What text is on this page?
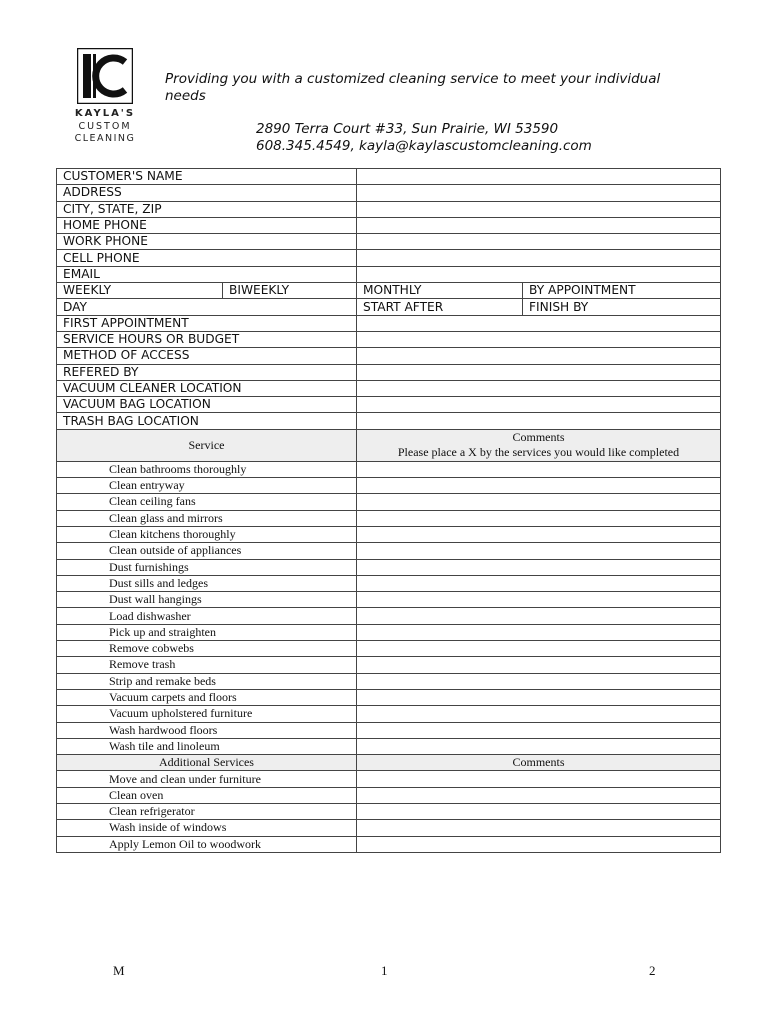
KAYLA'S
CUSTOM
CLEANING
Providing you with a customized cleaning service to meet your individual needs
2890 Terra Court #33, Sun Prairie, WI 53590
608.345.4549, kayla@kaylascustomcleaning.com
CUSTOMER'S NAME			
ADDRESS			
CITY, STATE, ZIP			
HOME PHONE			
WORK PHONE			
CELL PHONE			
EMAIL			
WEEKLY	BIWEEKLY	MONTHLY	BY APPOINTMENT
DAY		START AFTER	FINISH BY
FIRST APPOINTMENT			
SERVICE HOURS OR BUDGET			
METHOD OF ACCESS			
REFERED BY			
VACUUM CLEANER LOCATION			
VACUUM BAG LOCATION			
TRASH BAG LOCATION			
Service		Comments
Please place a X by the services you would like completed	

Clean bathrooms thoroughly			
Clean entryway			
Clean ceiling fans			
Clean glass and mirrors			
Clean kitchens thoroughly			
Clean outside of appliances			
Dust furnishings			
Dust sills and ledges			
Dust wall hangings			
Load dishwasher			
Pick up and straighten			
Remove cobwebs			
Remove trash			
Strip and remake beds			
Vacuum carpets and floors			
Vacuum upholstered furniture			
Wash hardwood floors			
Wash tile and linoleum			
Additional Services		Comments	
Move and clean under furniture			
Clean oven			
Clean refrigerator			
Wash inside of windows			
Apply Lemon Oil to woodwork			
M	1	2
